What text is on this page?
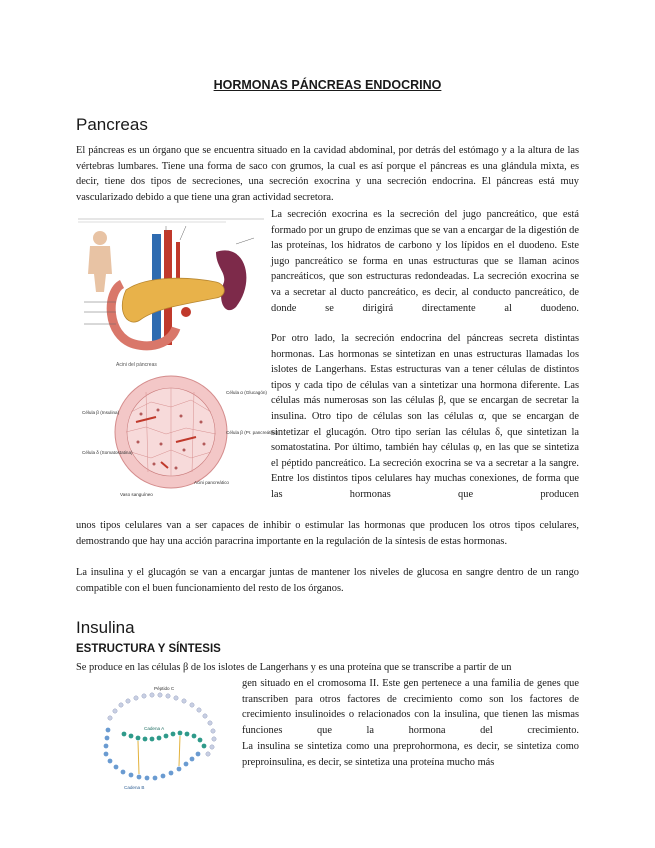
HORMONAS PÁNCREAS ENDOCRINO
Pancreas

El páncreas es un órgano que se encuentra situado en la cavidad abdominal, por detrás del estómago y a la altura de las vértebras lumbares. Tiene una forma de saco con grumos, la cual es así porque el páncreas es una glándula mixta, es decir, tiene dos tipos de secreciones, una secreción exocrina y una secreción endocrina. El páncreas está muy vascularizado debido a que tiene una gran actividad secretora.

Acini del páncreas
Célula β (Insulina)
Célula δ (Somatostatina)
Célula α (Glucagón)
Célula β (Pr. pancreático)
Vaso sanguíneo
Acini pancreático

La secreción exocrina es la secreción del jugo pancreático, que está formado por un grupo de enzimas que se van a encargar de la digestión de las proteínas, los hidratos de carbono y los lípidos en el duodeno. Este jugo pancreático se forma en unas estructuras que se llaman acinos pancreáticos, que son estructuras redondeadas. La secreción exocrina se va a secretar al ducto pancreático, es decir, al conducto pancreático, de donde se dirigirá directamente al duodeno.

Por otro lado, la secreción endocrina del páncreas secreta distintas hormonas. Las hormonas se sintetizan en unas estructuras llamadas los islotes de Langerhans. Estas estructuras van a tener células de distintos tipos y cada tipo de células van a sintetizar una hormona diferente. Las células más numerosas son las células β, que se encargan de secretar la insulina. Otro tipo de células son las células α, que se encargan de sintetizar el glucagón. Otro tipo serían las células δ, que sintetizan la somatostatina. Por último, también hay células φ, en las que se sintetiza el péptido pancreático. La secreción exocrina se va a secretar a la sangre. Entre los distintos tipos celulares hay muchas conexiones, de forma que las hormonas que producen

unos tipos celulares van a ser capaces de inhibir o estimular las hormonas que producen los otros tipos celulares, demostrando que hay una acción paracrina importante en la regulación de la síntesis de estas hormonas.

La insulina y el glucagón se van a encargar juntas de mantener los niveles de glucosa en sangre dentro de un rango compatible con el buen funcionamiento del resto de los órganos.

Insulina
ESTRUCTURA Y SÍNTESIS

Se produce en las células β de los islotes de Langerhans y es una proteína que se transcribe a partir de un

Péptido C
Cadena A
Cadena B

gen situado en el cromosoma II. Este gen pertenece a una familia de genes que transcriben para otros factores de crecimiento como son los factores de crecimiento insulinoides o relacionados con la insulina, que tienen las mismas funciones que la hormona del crecimiento.

La insulina se sintetiza como una preprohormona, es decir, se sintetiza como preproinsulina, es decir, se sintetiza una proteína mucho más
